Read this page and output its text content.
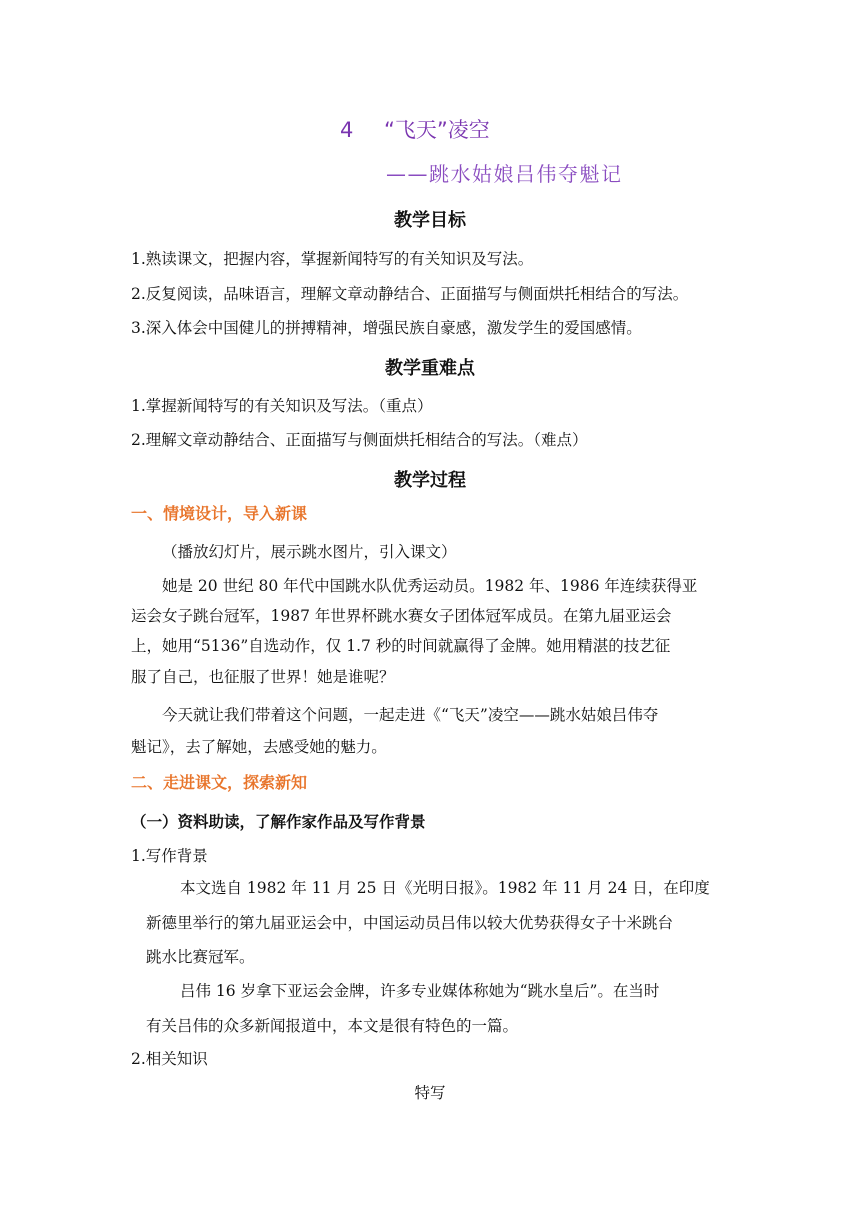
4 “飞天”凌空
——跳水姑娘吕伟夺魁记
教学目标
1.熟读课文，把握内容，掌握新闻特写的有关知识及写法。
2.反复阅读，品味语言，理解文章动静结合、正面描写与侧面烘托相结合的写法。
3.深入体会中国健儿的拼搏精神，增强民族自豪感，激发学生的爱国感情。
教学重难点
1.掌握新闻特写的有关知识及写法。（重点）
2.理解文章动静结合、正面描写与侧面烘托相结合的写法。（难点）
教学过程
一、情境设计，导入新课
（播放幻灯片，展示跳水图片，引入课文）
她是 20 世纪 80 年代中国跳水队优秀运动员。1982 年、1986 年连续获得亚
运会女子跳台冠军，1987 年世界杯跳水赛女子团体冠军成员。在第九届亚运会
上，她用“5136”自选动作，仅 1.7 秒的时间就赢得了金牌。她用精湛的技艺征
服了自己，也征服了世界！她是谁呢？
今天就让我们带着这个问题，一起走进《“飞天”凌空——跳水姑娘吕伟夺
魁记》，去了解她，去感受她的魅力。
二、走进课文，探索新知
（一）资料助读，了解作家作品及写作背景
1.写作背景
本文选自 1982 年 11 月 25 日《光明日报》。1982 年 11 月 24 日，在印度
新德里举行的第九届亚运会中，中国运动员吕伟以较大优势获得女子十米跳台
跳水比赛冠军。
吕伟 16 岁拿下亚运会金牌，许多专业媒体称她为“跳水皇后”。在当时
有关吕伟的众多新闻报道中，本文是很有特色的一篇。
2.相关知识
特写
